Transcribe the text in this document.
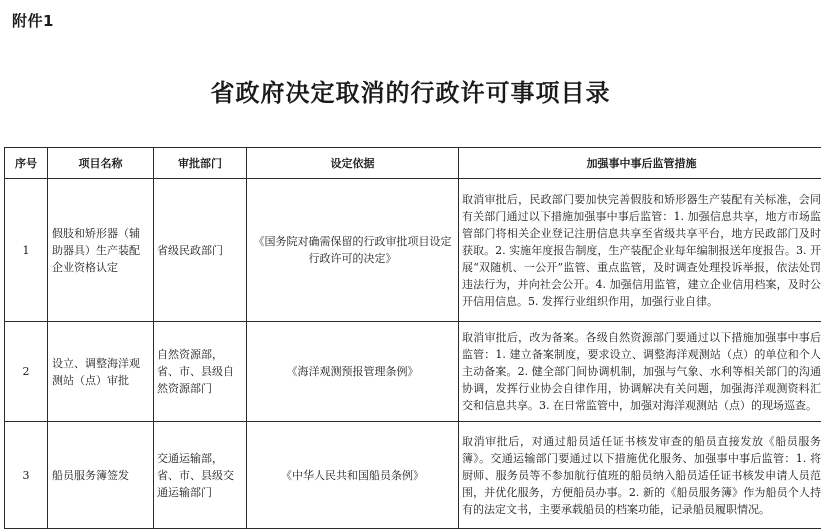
附件1
省政府决定取消的行政许可事项目录
序号	项目名称	审批部门	设定依据	加强事中事后监管措施
1	假肢和矫形器（辅助器具）生产装配企业资格认定	省级民政部门	《国务院对确需保留的行政审批项目设定行政许可的决定》	取消审批后，民政部门要加快完善假肢和矫形器生产装配有关标准，会同有关部门通过以下措施加强事中事后监管：1. 加强信息共享，地方市场监管部门将相关企业登记注册信息共享至省级共享平台，地方民政部门及时获取。2. 实施年度报告制度，生产装配企业每年编制报送年度报告。3. 开展“双随机、一公开”监管、重点监管，及时调查处理投诉举报，依法处罚违法行为，并向社会公开。4. 加强信用监管，建立企业信用档案，及时公开信用信息。5. 发挥行业组织作用，加强行业自律。
2	设立、调整海洋观测站（点）审批	自然资源部，省、市、县级自然资源部门	《海洋观测预报管理条例》	取消审批后，改为备案。各级自然资源部门要通过以下措施加强事中事后监管：1. 建立备案制度，要求设立、调整海洋观测站（点）的单位和个人主动备案。2. 健全部门间协调机制，加强与气象、水利等相关部门的沟通协调，发挥行业协会自律作用，协调解决有关问题，加强海洋观测资料汇交和信息共享。3. 在日常监管中，加强对海洋观测站（点）的现场巡查。
3	船员服务簿签发	交通运输部，省、市、县级交通运输部门	《中华人民共和国船员条例》	取消审批后，对通过船员适任证书核发审查的船员直接发放《船员服务簿》。交通运输部门要通过以下措施优化服务、加强事中事后监管：1. 将厨师、服务员等不参加航行值班的船员纳入船员适任证书核发申请人员范围，并优化服务，方便船员办事。2. 新的《船员服务簿》作为船员个人持有的法定文书，主要承载船员的档案功能，记录船员履职情况。
